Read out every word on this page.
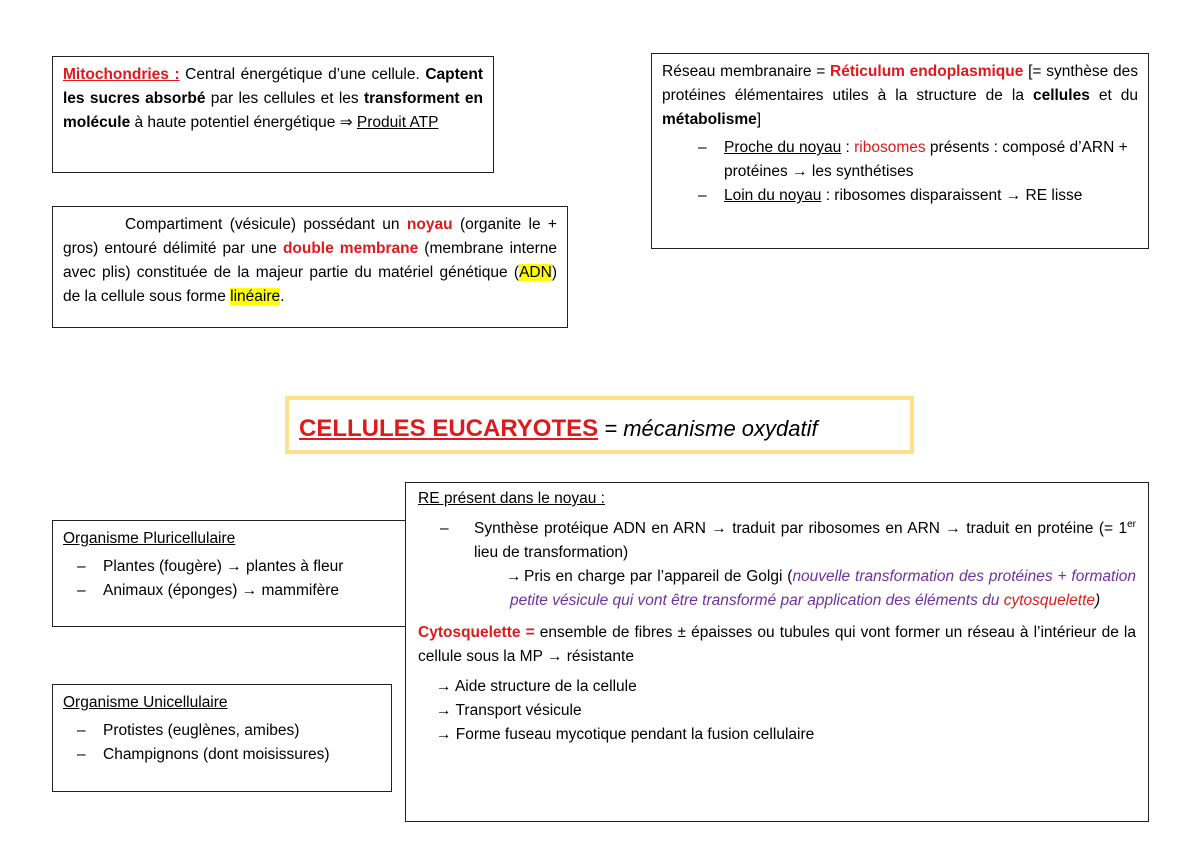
Mitochondries : Central énergétique d’une cellule. Captent les sucres absorbé par les cellules et les transforment en molécule à haute potentiel énergétique ⇒ Produit ATP
Compartiment (vésicule) possédant un noyau (organite le + gros) entouré délimité par une double membrane (membrane interne avec plis) constituée de la majeur partie du matériel génétique (ADN) de la cellule sous forme linéaire.
Réseau membranaire = Réticulum endoplasmique [= synthèse des protéines élémentaires utiles à la structure de la cellules et du métabolisme]
– Proche du noyau : ribosomes présents : composé d’ARN + protéines → les synthétises
– Loin du noyau : ribosomes disparaissent → RE lisse
CELLULES EUCARYOTES = mécanisme oxydatif
Organisme Pluricellulaire
– Plantes (fougère) → plantes à fleur
– Animaux (éponges) → mammifère
Organisme Unicellulaire
– Protistes (euglènes, amibes)
– Champignons (dont moisissures)
RE présent dans le noyau :
– Synthèse protéique ADN en ARN → traduit par ribosomes en ARN → traduit en protéine (= 1er lieu de transformation)
→ Pris en charge par l’appareil de Golgi (nouvelle transformation des protéines + formation petite vésicule qui vont être transformé par application des éléments du cytosquelette)
Cytosquelette = ensemble de fibres ± épaisses ou tubules qui vont former un réseau à l’intérieur de la cellule sous la MP → résistante
→ Aide structure de la cellule
→ Transport vésicule
→ Forme fuseau mycotique pendant la fusion cellulaire
